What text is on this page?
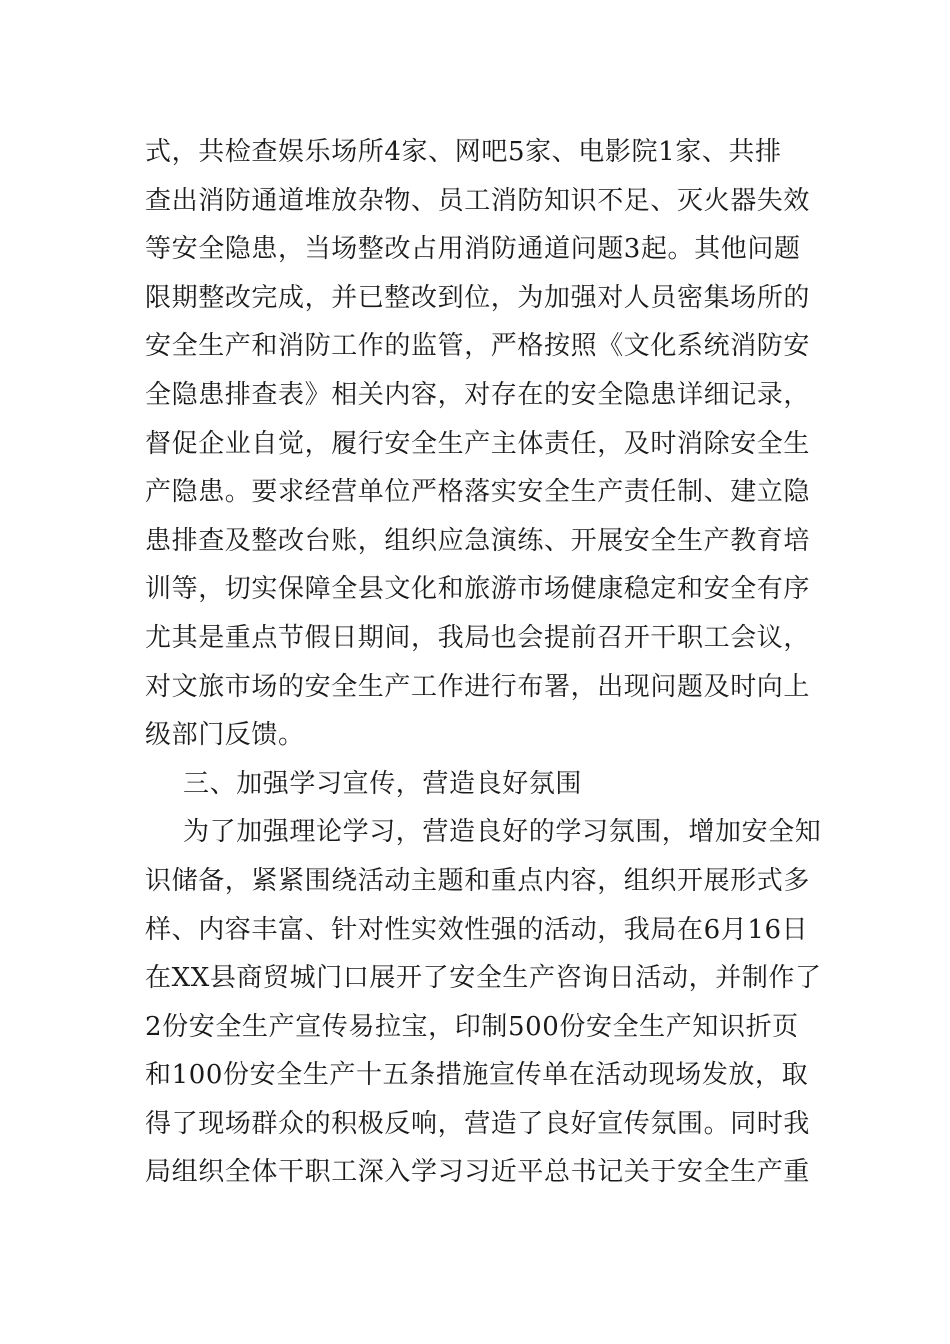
式，共检查娱乐场所4家、网吧5家、电影院1家、共排
查出消防通道堆放杂物、员工消防知识不足、灭火器失效
等安全隐患，当场整改占用消防通道问题3起。其他问题
限期整改完成，并已整改到位，为加强对人员密集场所的
安全生产和消防工作的监管，严格按照《文化系统消防安
全隐患排查表》相关内容，对存在的安全隐患详细记录，
督促企业自觉，履行安全生产主体责任，及时消除安全生
产隐患。要求经营单位严格落实安全生产责任制、建立隐
患排查及整改台账，组织应急演练、开展安全生产教育培
训等，切实保障全县文化和旅游市场健康稳定和安全有序
尤其是重点节假日期间，我局也会提前召开干职工会议，
对文旅市场的安全生产工作进行布署，出现问题及时向上
级部门反馈。
三、加强学习宣传，营造良好氛围
为了加强理论学习，营造良好的学习氛围，增加安全知
识储备，紧紧围绕活动主题和重点内容，组织开展形式多
样、内容丰富、针对性实效性强的活动，我局在6月16日
在XX县商贸城门口展开了安全生产咨询日活动，并制作了
2份安全生产宣传易拉宝，印制500份安全生产知识折页
和100份安全生产十五条措施宣传单在活动现场发放，取
得了现场群众的积极反响，营造了良好宣传氛围。同时我
局组织全体干职工深入学习习近平总书记关于安全生产重
